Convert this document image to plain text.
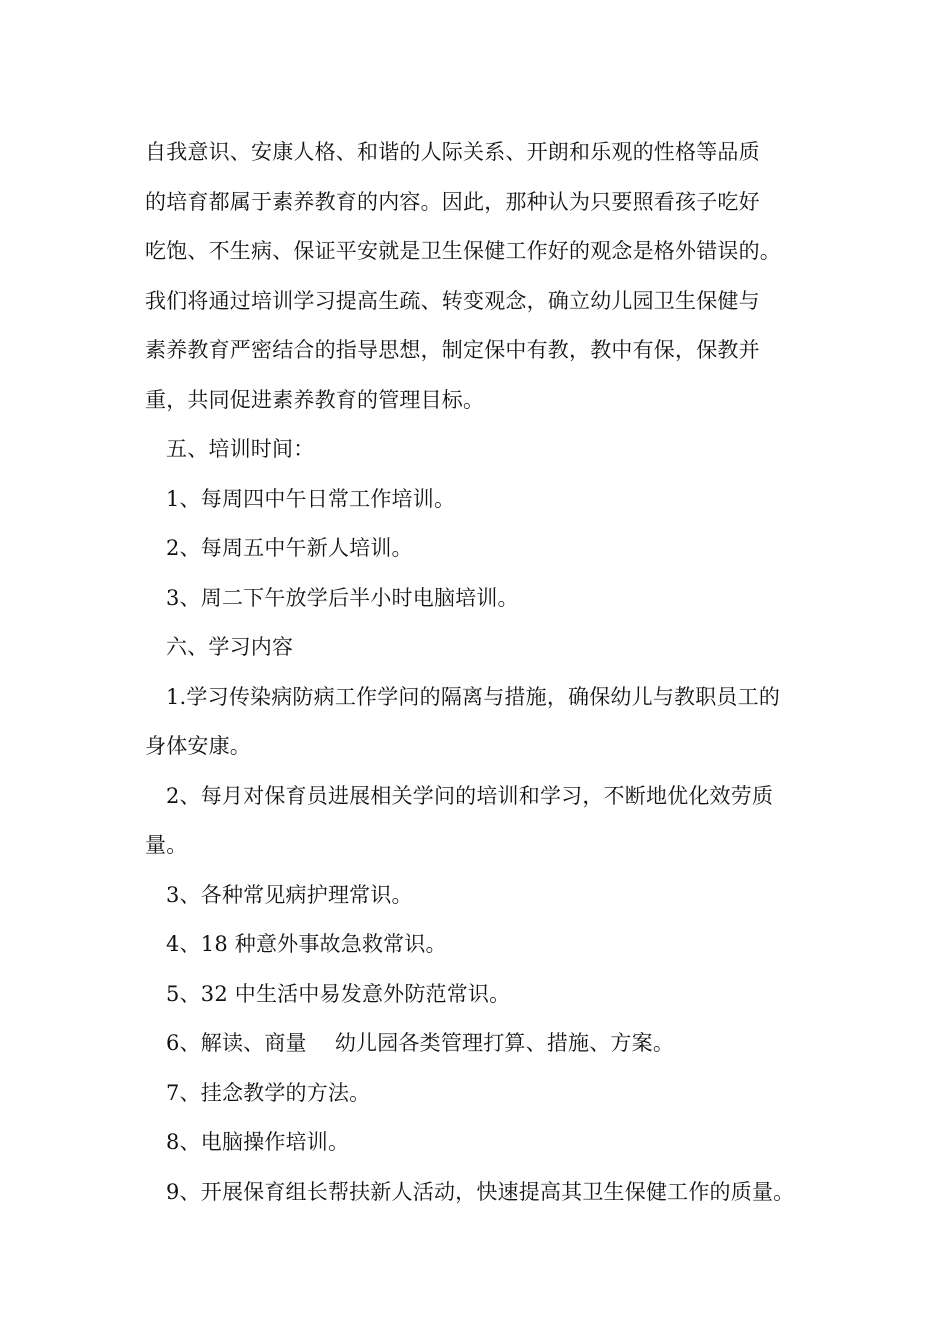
自我意识、安康人格、和谐的人际关系、开朗和乐观的性格等品质
的培育都属于素养教育的内容。因此，那种认为只要照看孩子吃好
吃饱、不生病、保证平安就是卫生保健工作好的观念是格外错误的。
我们将通过培训学习提高生疏、转变观念，确立幼儿园卫生保健与
素养教育严密结合的指导思想，制定保中有教，教中有保，保教并
重，共同促进素养教育的管理目标。
五、培训时间：
1、每周四中午日常工作培训。
2、每周五中午新人培训。
3、周二下午放学后半小时电脑培训。
六、学习内容
1.学习传染病防病工作学问的隔离与措施，确保幼儿与教职员工的
身体安康。
2、每月对保育员进展相关学问的培训和学习，不断地优化效劳质
量。
3、各种常见病护理常识。
4、18 种意外事故急救常识。
5、32 中生活中易发意外防范常识。
6、解读、商量　 幼儿园各类管理打算、措施、方案。
7、挂念教学的方法。
8、电脑操作培训。
9、开展保育组长帮扶新人活动，快速提高其卫生保健工作的质量。
